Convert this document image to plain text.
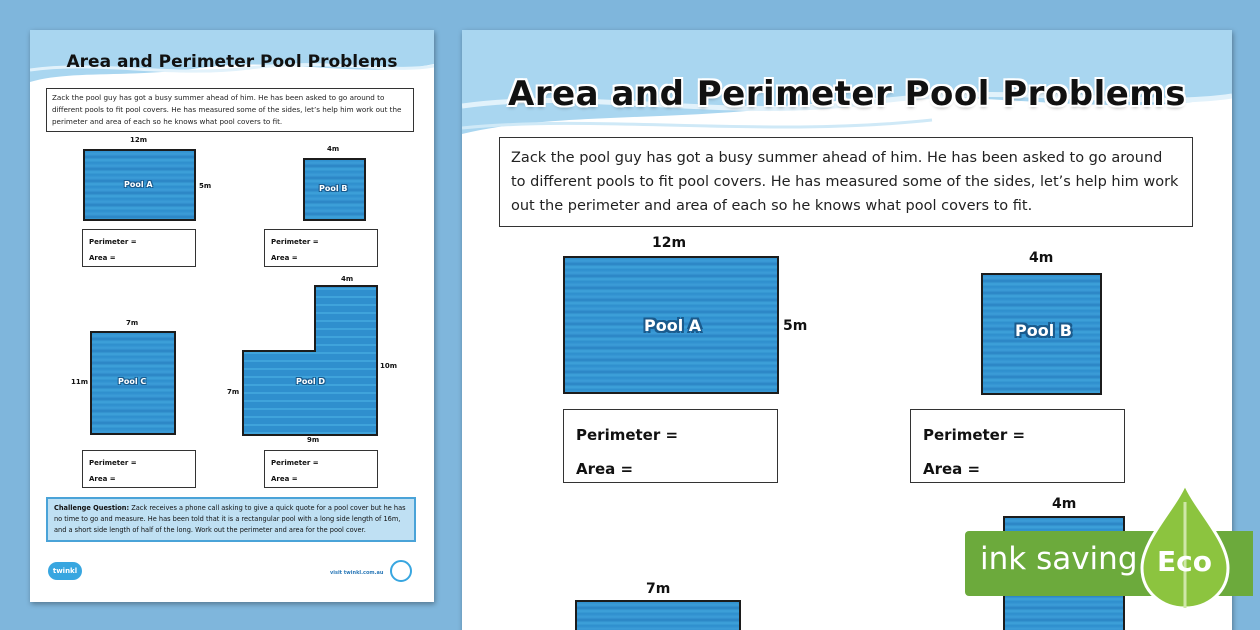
Area and Perimeter Pool Problems
Zack the pool guy has got a busy summer ahead of him. He has been asked to go around to different pools to fit pool covers. He has measured some of the sides, let’s help him work out the perimeter and area of each so he knows what pool covers to fit.
12m
Pool A	5m
Perimeter =
Area =
4m
Pool B
Perimeter =
Area =
7m
Pool C
11m
Perimeter =
Area =
4m
Pool D
10m
7m
9m
Perimeter =
Area =
Challenge Question: Zack receives a phone call asking to give a quick quote for a pool cover but he has no time to go and measure. He has been told that it is a rectangular pool with a long side length of 16m, and a short side length of half of the long. Work out the perimeter and area for the pool cover.
twinkl	visit twinkl.com.au
Area and Perimeter Pool Problems
Zack the pool guy has got a busy summer ahead of him. He has been asked to go around to different pools to fit pool covers. He has measured some of the sides, let’s help him work out the perimeter and area of each so he knows what pool covers to fit.
12m
Pool A	5m
Perimeter =
Area =
4m
Pool B
Perimeter =
Area =
7m
4m
ink saving Eco
